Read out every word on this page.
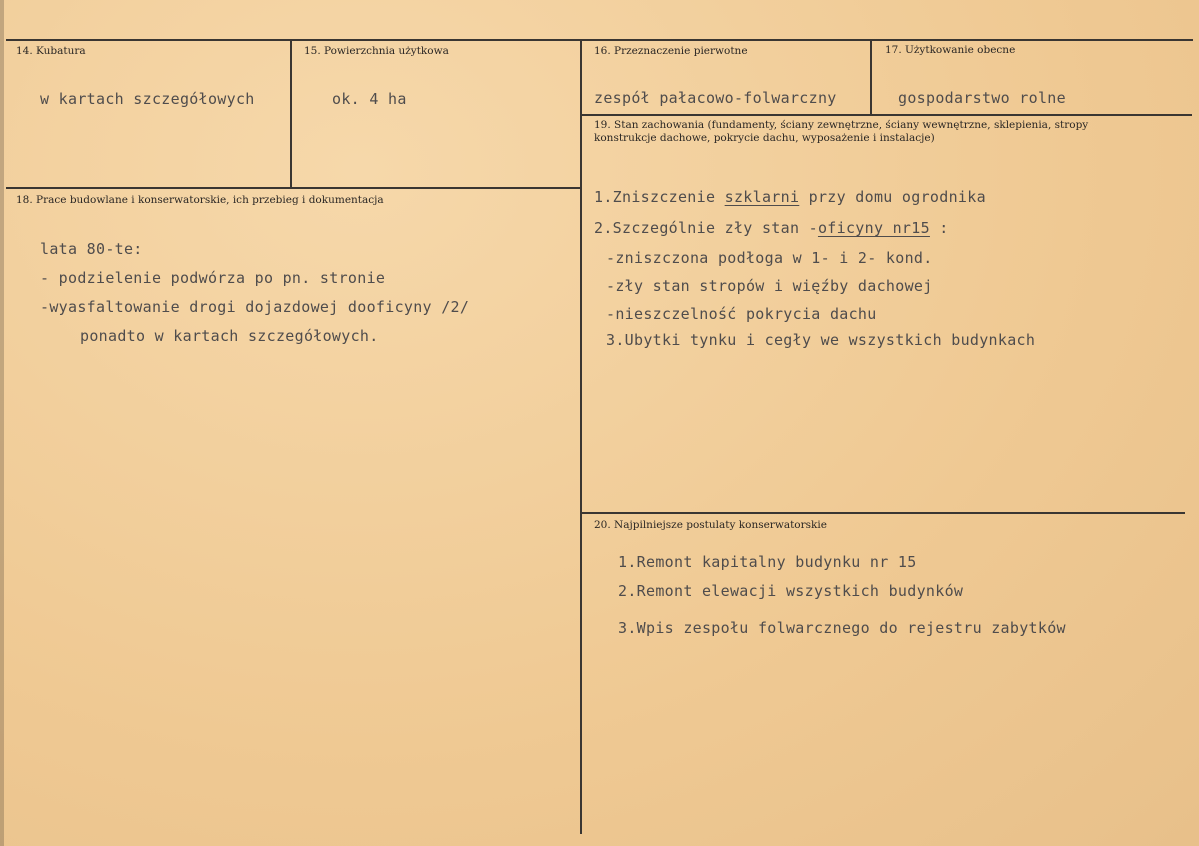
14. Kubatura
w kartach szczegółowych
15. Powierzchnia użytkowa
ok. 4 ha
16. Przeznaczenie pierwotne
zespół pałacowo-folwarczny
17. Użytkowanie obecne
gospodarstwo rolne
18. Prace budowlane i konserwatorskie, ich przebieg i dokumentacja
lata 80-te:
- podzielenie podwórza po pn. stronie
-wyasfaltowanie drogi dojazdowej dooficyny /2/
ponadto w kartach szczegółowych.
19. Stan zachowania (fundamenty, ściany zewnętrzne, ściany wewnętrzne, sklepienia, stropy konstrukcje dachowe, pokrycie dachu, wyposażenie i instalacje)
1.Zniszczenie szklarni przy domu ogrodnika
2.Szczególnie zły stan -oficyny nr15 :
-zniszczona podłoga w 1- i 2- kond.
-zły stan stropów i więźby dachowej
-nieszczelność pokrycia dachu
3.Ubytki tynku i cegły we wszystkich budynkach
20. Najpilniejsze postulaty konserwatorskie
1.Remont kapitalny budynku nr 15
2.Remont elewacji wszystkich budynków
3.Wpis zespołu folwarcznego do rejestru zabytków
